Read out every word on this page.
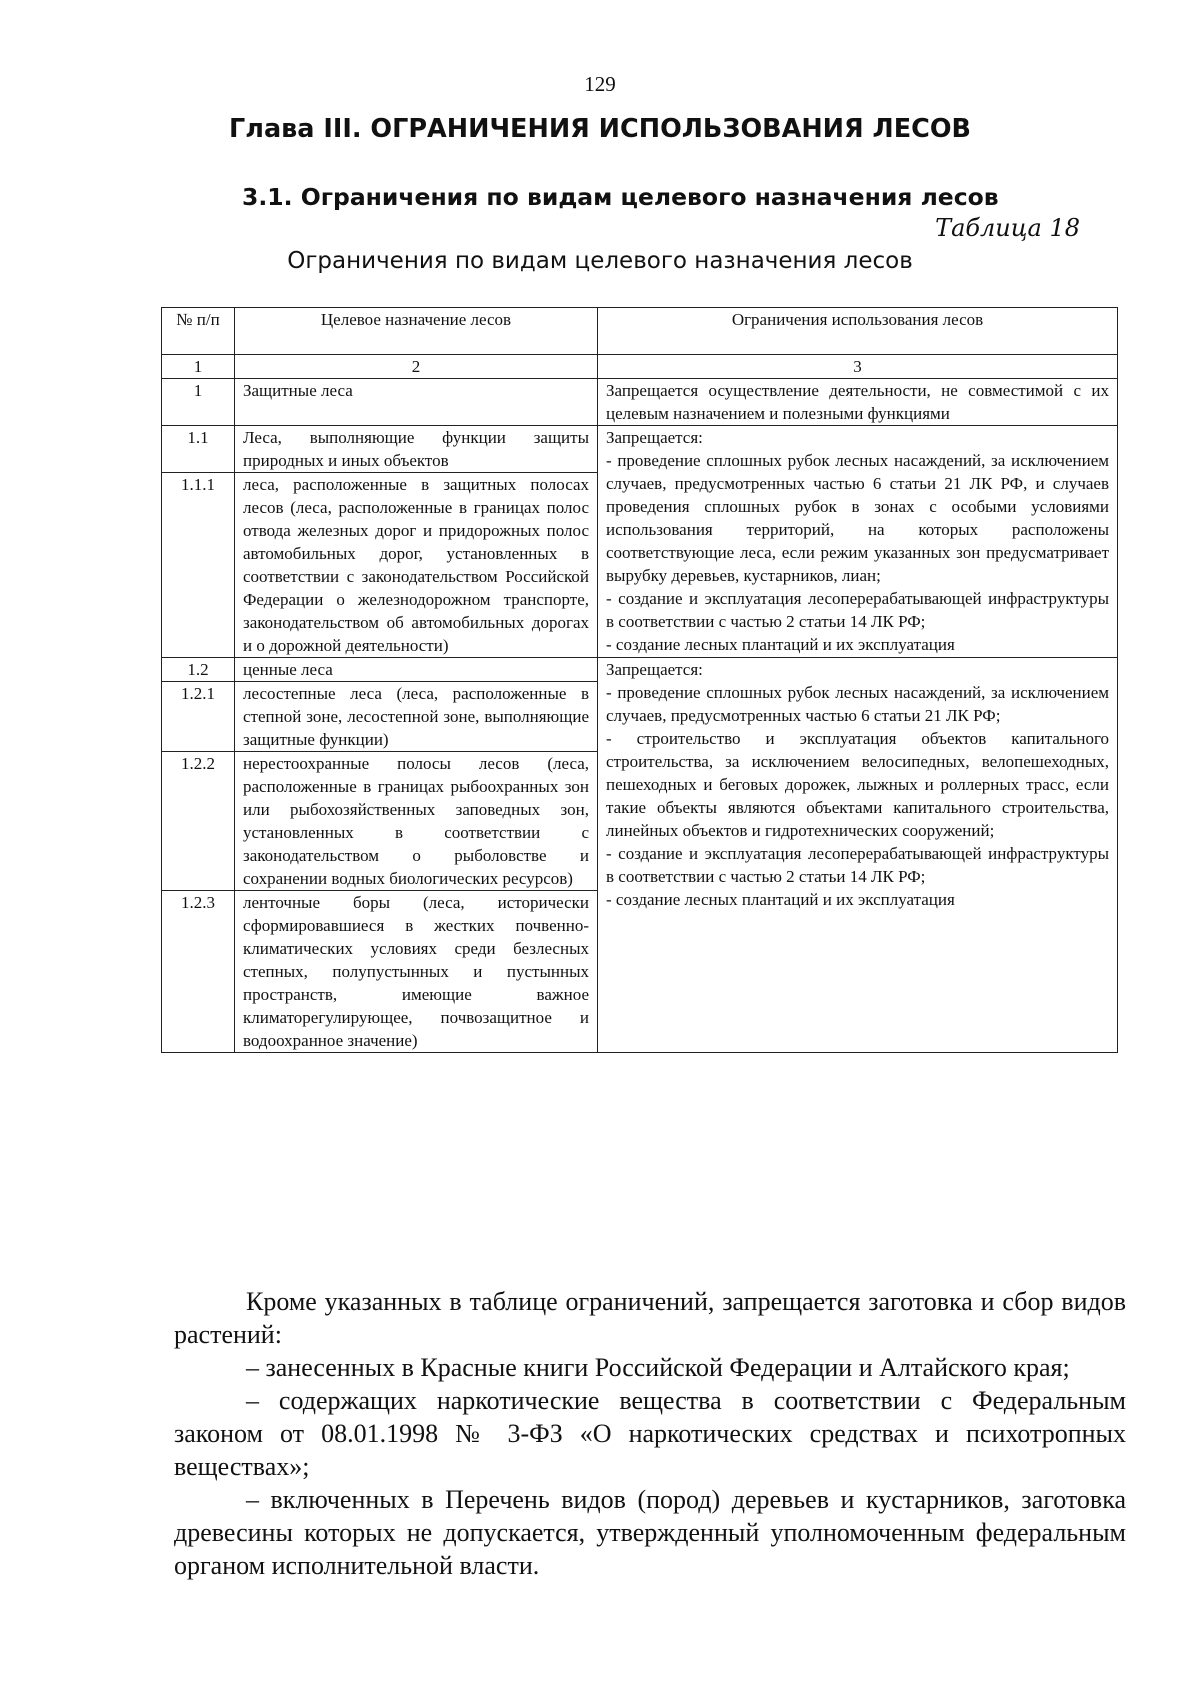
129
Глава III. ОГРАНИЧЕНИЯ ИСПОЛЬЗОВАНИЯ ЛЕСОВ
3.1. Ограничения по видам целевого назначения лесов
Таблица 18
Ограничения по видам целевого назначения лесов
№ п/п	Целевое назначение лесов	Ограничения использования лесов
1	2	3
1	Защитные леса	Запрещается осуществление деятельности, не совместимой с их целевым назначением и полезными функциями
1.1	Леса, выполняющие функции защиты природных и иных объектов	Запрещается:
- проведение сплошных рубок лесных насаждений, за исключением случаев, предусмотренных частью 6 статьи 21 ЛК РФ, и случаев проведения сплошных рубок в зонах с особыми условиями использования территорий, на которых расположены соответствующие леса, если режим указанных зон предусматривает вырубку деревьев, кустарников, лиан;
- создание и эксплуатация лесоперерабатывающей инфраструктуры в соответствии с частью 2 статьи 14 ЛК РФ;
- создание лесных плантаций и их эксплуатация

1.1.1	леса, расположенные в защитных полосах лесов (леса, расположенные в границах полос отвода железных дорог и придорожных полос автомобильных дорог, установленных в соответствии с законодательством Российской Федерации о железнодорожном транспорте, законодательством об автомобильных дорогах и о дорожной деятельности)	
1.2	ценные леса	Запрещается:
- проведение сплошных рубок лесных насаждений, за исключением случаев, предусмотренных частью 6 статьи 21 ЛК РФ;
- строительство и эксплуатация объектов капитального строительства, за исключением велосипедных, велопешеходных, пешеходных и беговых дорожек, лыжных и роллерных трасс, если такие объекты являются объектами капитального строительства, линейных объектов и гидротехнических сооружений;
- создание и эксплуатация лесоперерабатывающей инфраструктуры в соответствии с частью 2 статьи 14 ЛК РФ;
- создание лесных плантаций и их эксплуатация

1.2.1	лесостепные леса (леса, расположенные в степной зоне, лесостепной зоне, выполняющие защитные функции)	
1.2.2	нерестоохранные полосы лесов (леса, расположенные в границах рыбоохранных зон или рыбохозяйственных заповедных зон, установленных в соответствии с законодательством о рыболовстве и сохранении водных биологических ресурсов)	
1.2.3	ленточные боры (леса, исторически сформировавшиеся в жестких почвенно-климатических условиях среди безлесных степных, полупустынных и пустынных пространств, имеющие важное климаторегулирующее, почвозащитное и водоохранное значение)	

Кроме указанных в таблице ограничений, запрещается заготовка и сбор видов растений:

– занесенных в Красные книги Российской Федерации и Алтайского края;

– содержащих наркотические вещества в соответствии с Федеральным законом от 08.01.1998 № 3-ФЗ «О наркотических средствах и психотропных веществах»;

– включенных в Перечень видов (пород) деревьев и кустарников, заготовка древесины которых не допускается, утвержденный уполномоченным федеральным органом исполнительной власти.
